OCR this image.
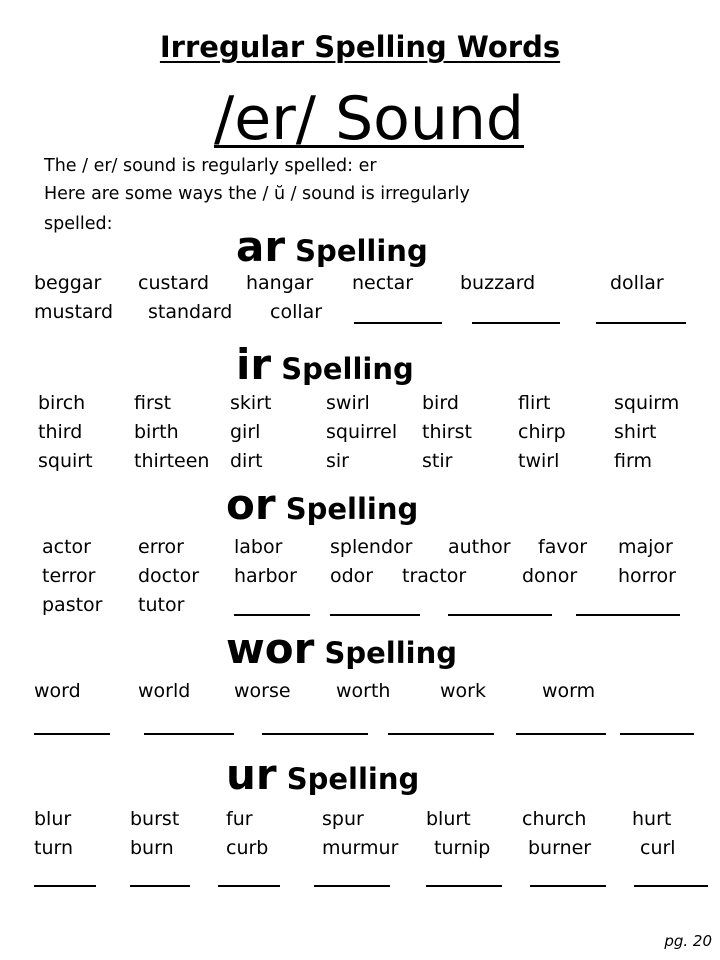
Irregular Spelling Words
/er/ Sound
The / er/ sound is regularly spelled: er
Here are some ways the / ŭ / sound is irregularly
spelled:	ar Spelling
beggar custard hangar nectar buzzard	dollar
mustard standard collar
ir Spelling
birch	first	skirt	swirl	bird	flirt	squirm
third	birth	girl	squirrel thirst chirp	shirt
squirt thirteen dirt	sir	stir	twirl	firm
or Spelling
actor error	labor	splendor author favor major
terror doctor harbor odor tractor	donor horror
pastor tutor
wor Spelling
word	world worse worth	work	worm
ur Spelling
blur	burst fur	spur	blurt	church hurt
turn	burn	curb	murmur turnip burner	curl
pg. 20
